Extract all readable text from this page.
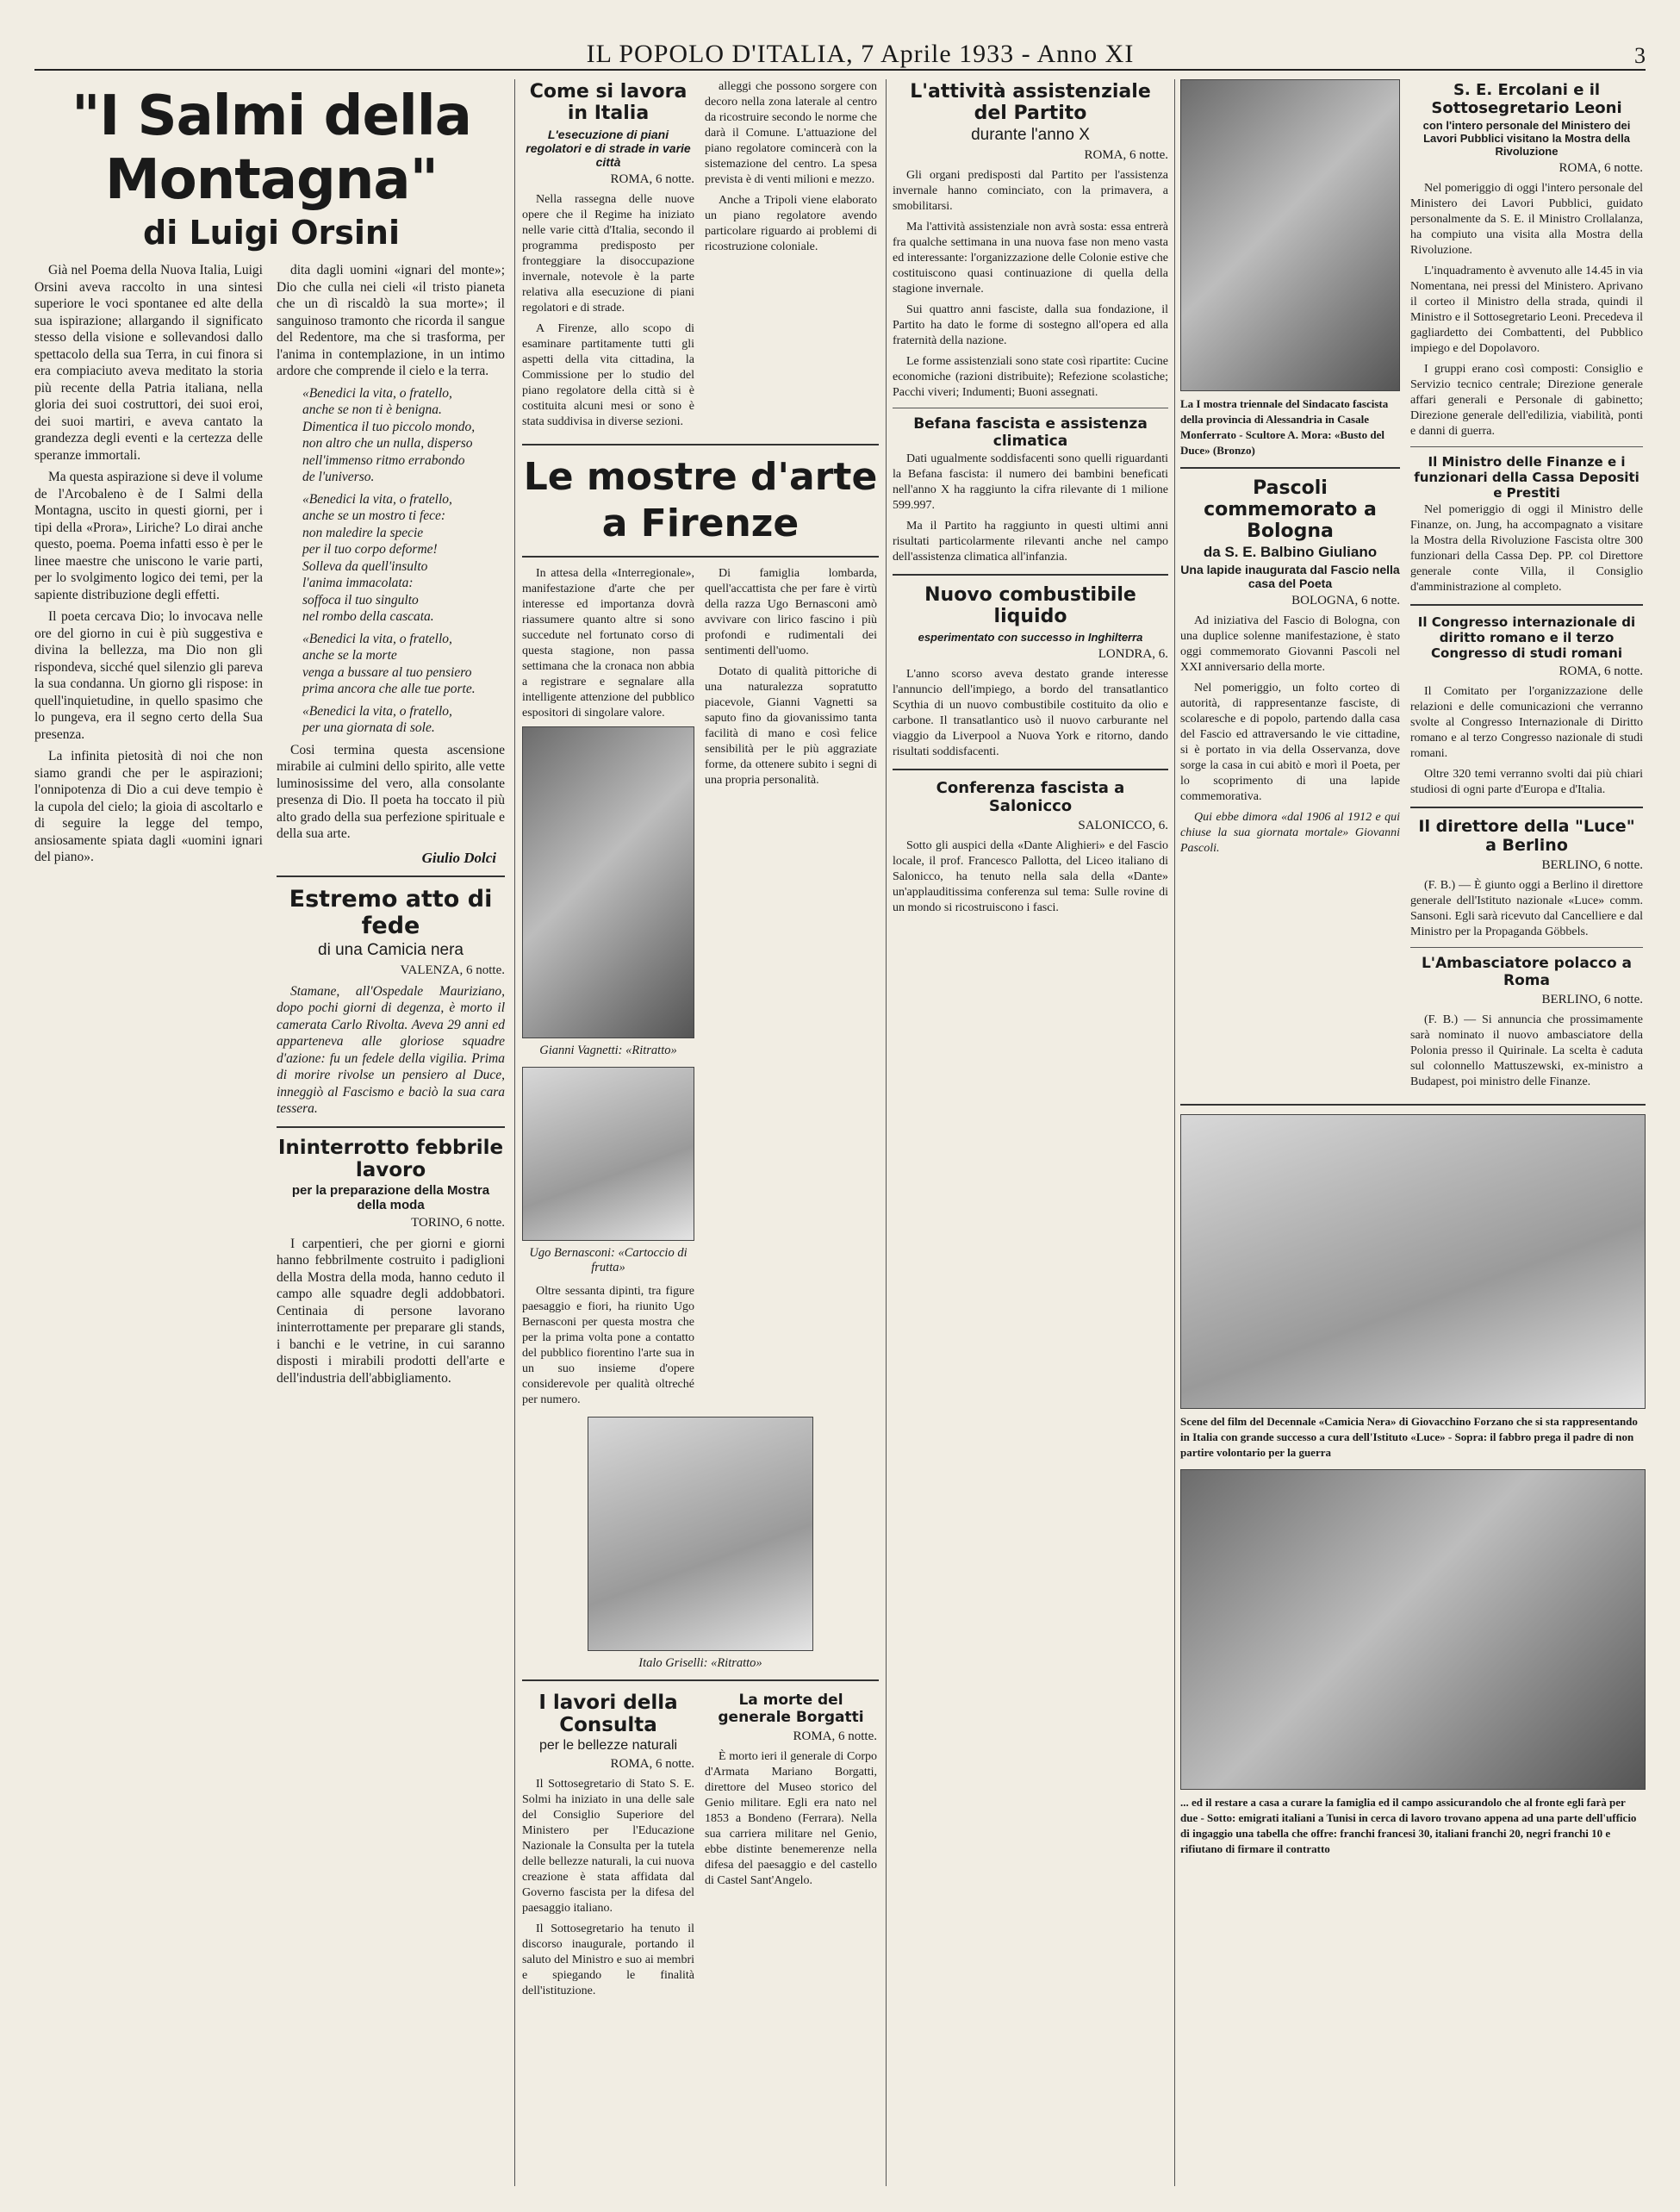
IL POPOLO D'ITALIA, 7 Aprile 1933 - Anno XI	3
"I Salmi della Montagna"
di Luigi Orsini

Già nel Poema della Nuova Italia, Luigi Orsini aveva raccolto in una sintesi superiore le voci spontanee ed alte della sua ispirazione; allargando il significato stesso della visione e sollevandosi dallo spettacolo della sua Terra, in cui finora si era compiaciuto aveva meditato la storia più recente della Patria italiana, nella gloria dei suoi costruttori, dei suoi eroi, dei suoi martiri, e aveva cantato la grandezza degli eventi e la certezza delle speranze immortali.

Ma questa aspirazione si deve il volume de l'Arcobaleno è de I Salmi della Montagna, uscito in questi giorni, per i tipi della «Prora», Liriche? Lo dirai anche questo, poema. Poema infatti esso è per le linee maestre che uniscono le varie parti, per lo svolgimento logico dei temi, per la sapiente distribuzione degli effetti.

Il poeta cercava Dio; lo invocava nelle ore del giorno in cui è più suggestiva e divina la bellezza, ma Dio non gli rispondeva, sicché quel silenzio gli pareva la sua condanna. Un giorno gli rispose: in quell'inquietudine, in quello spasimo che lo pungeva, era il segno certo della Sua presenza.

La infinita pietosità di noi che non siamo grandi che per le aspirazioni; l'onnipotenza di Dio a cui deve tempio è la cupola del cielo; la gioia di ascoltarlo e di seguire la legge del tempo, ansiosamente spiata dagli «uomini ignari del piano».

dita dagli uomini «ignari del monte»; Dio che culla nei cieli «il tristo pianeta che un dì riscaldò la sua morte»; il sanguinoso tramonto che ricorda il sangue del Redentore, ma che si trasforma, per l'anima in contemplazione, in un intimo ardore che comprende il cielo e la terra.

«Benedici la vita, o fratello,
anche se non ti è benigna.
Dimentica il tuo piccolo mondo,
non altro che un nulla, disperso
nell'immenso ritmo errabondo
de l'universo.
«Benedici la vita, o fratello,
anche se un mostro ti fece:
non maledire la specie
per il tuo corpo deforme!
Solleva da quell'insulto
l'anima immacolata:
soffoca il tuo singulto
nel rombo della cascata.
«Benedici la vita, o fratello,
anche se la morte
venga a bussare al tuo pensiero
prima ancora che alle tue porte.
«Benedici la vita, o fratello,
per una giornata di sole.

Cosi termina questa ascensione mirabile ai culmini dello spirito, alle vette luminosissime del vero, alla consolante presenza di Dio. Il poeta ha toccato il più alto grado della sua perfezione spirituale e della sua arte.

Giulio Dolci
Estremo atto di fede
di una Camicia nera
VALENZA, 6 notte.

Stamane, all'Ospedale Mauriziano, dopo pochi giorni di degenza, è morto il camerata Carlo Rivolta. Aveva 29 anni ed apparteneva alle gloriose squadre d'azione: fu un fedele della vigilia. Prima di morire rivolse un pensiero al Duce, inneggiò al Fascismo e baciò la sua cara tessera.

Ininterrotto febbrile lavoro
per la preparazione della Mostra della moda
TORINO, 6 notte.

I carpentieri, che per giorni e giorni hanno febbrilmente costruito i padiglioni della Mostra della moda, hanno ceduto il campo alle squadre degli addobbatori. Centinaia di persone lavorano ininterrottamente per preparare gli stands, i banchi e le vetrine, in cui saranno disposti i mirabili prodotti dell'arte e dell'industria dell'abbigliamento.

Come si lavora in Italia
L'esecuzione di piani regolatori e di strade in varie città
ROMA, 6 notte.

Nella rassegna delle nuove opere che il Regime ha iniziato nelle varie città d'Italia, secondo il programma predisposto per fronteggiare la disoccupazione invernale, notevole è la parte relativa alla esecuzione di piani regolatori e di strade.

A Firenze, allo scopo di esaminare partitamente tutti gli aspetti della vita cittadina, la Commissione per lo studio del piano regolatore della città si è costituita alcuni mesi or sono è stata suddivisa in diverse sezioni.

alleggi che possono sorgere con decoro nella zona laterale al centro da ricostruire secondo le norme che darà il Comune. L'attuazione del piano regolatore comincerà con la sistemazione del centro. La spesa prevista è di venti milioni e mezzo.

Anche a Tripoli viene elaborato un piano regolatore avendo particolare riguardo ai problemi di ricostruzione coloniale.

Le mostre d'arte a Firenze

In attesa della «Interregionale», manifestazione d'arte che per interesse ed importanza dovrà riassumere quanto altre si sono succedute nel fortunato corso di questa stagione, non passa settimana che la cronaca non abbia a registrare e segnalare alla intelligente attenzione del pubblico espositori di singolare valore.

Gianni Vagnetti: «Ritratto»
Ugo Bernasconi: «Cartoccio di frutta»

Oltre sessanta dipinti, tra figure paesaggio e fiori, ha riunito Ugo Bernasconi per questa mostra che per la prima volta pone a contatto del pubblico fiorentino l'arte sua in un suo insieme d'opere considerevole per qualità oltreché per numero.

Di famiglia lombarda, quell'accattista che per fare è virtù della razza Ugo Bernasconi amò avvivare con lirico fascino i più profondi e rudimentali dei sentimenti dell'uomo.

Dotato di qualità pittoriche di una naturalezza sopratutto piacevole, Gianni Vagnetti sa saputo fino da giovanissimo tanta facilità di mano e così felice sensibilità per le più aggraziate forme, da ottenere subito i segni di una propria personalità.

Italo Griselli: «Ritratto»
I lavori della Consulta
per le bellezze naturali
ROMA, 6 notte.

Il Sottosegretario di Stato S. E. Solmi ha iniziato in una delle sale del Consiglio Superiore del Ministero per l'Educazione Nazionale la Consulta per la tutela delle bellezze naturali, la cui nuova creazione è stata affidata dal Governo fascista per la difesa del paesaggio italiano.

Il Sottosegretario ha tenuto il discorso inaugurale, portando il saluto del Ministro e suo ai membri e spiegando le finalità dell'istituzione.

La morte del generale Borgatti
ROMA, 6 notte.

È morto ieri il generale di Corpo d'Armata Mariano Borgatti, direttore del Museo storico del Genio militare. Egli era nato nel 1853 a Bondeno (Ferrara). Nella sua carriera militare nel Genio, ebbe distinte benemerenze nella difesa del paesaggio e del castello di Castel Sant'Angelo.

L'attività assistenziale del Partito
durante l'anno X
ROMA, 6 notte.

Gli organi predisposti dal Partito per l'assistenza invernale hanno cominciato, con la primavera, a smobilitarsi.

Ma l'attività assistenziale non avrà sosta: essa entrerà fra qualche settimana in una nuova fase non meno vasta ed interessante: l'organizzazione delle Colonie estive che costituiscono quasi continuazione di quella della stagione invernale.

Sui quattro anni fasciste, dalla sua fondazione, il Partito ha dato le forme di sostegno all'opera ed alla fraternità della nazione.

Le forme assistenziali sono state così ripartite: Cucine economiche (razioni distribuite); Refezione scolastiche; Pacchi viveri; Indumenti; Buoni assegnati.

Befana fascista e assistenza climatica

Dati ugualmente soddisfacenti sono quelli riguardanti la Befana fascista: il numero dei bambini beneficati nell'anno X ha raggiunto la cifra rilevante di 1 milione 599.997.

Ma il Partito ha raggiunto in questi ultimi anni risultati particolarmente rilevanti anche nel campo dell'assistenza climatica all'infanzia.

Nuovo combustibile liquido
esperimentato con successo in Inghilterra
LONDRA, 6.

L'anno scorso aveva destato grande interesse l'annuncio dell'impiego, a bordo del transatlantico Scythia di un nuovo combustibile costituito da olio e carbone. Il transatlantico usò il nuovo carburante nel viaggio da Liverpool a Nuova York e ritorno, dando risultati soddisfacenti.

Conferenza fascista a Salonicco
SALONICCO, 6.

Sotto gli auspici della «Dante Alighieri» e del Fascio locale, il prof. Francesco Pallotta, del Liceo italiano di Salonicco, ha tenuto nella sala della «Dante» un'applauditissima conferenza sul tema: Sulle rovine di un mondo si ricostruiscono i fasci.

La I mostra triennale del Sindacato fascista della provincia di Alessandria in Casale Monferrato - Scultore A. Mora: «Busto del Duce» (Bronzo)
Pascoli commemorato a Bologna
da S. E. Balbino Giuliano
Una lapide inaugurata dal Fascio nella casa del Poeta
BOLOGNA, 6 notte.

Ad iniziativa del Fascio di Bologna, con una duplice solenne manifestazione, è stato oggi commemorato Giovanni Pascoli nel XXI anniversario della morte.

Nel pomeriggio, un folto corteo di autorità, di rappresentanze fasciste, di scolaresche e di popolo, partendo dalla casa del Fascio ed attraversando le vie cittadine, si è portato in via della Osservanza, dove sorge la casa in cui abitò e morì il Poeta, per lo scoprimento di una lapide commemorativa.

Qui ebbe dimora «dal 1906 al 1912 e qui chiuse la sua giornata mortale» Giovanni Pascoli.

S. E. Ercolani e il Sottosegretario Leoni
con l'intero personale del Ministero dei Lavori Pubblici visitano la Mostra della Rivoluzione
ROMA, 6 notte.

Nel pomeriggio di oggi l'intero personale del Ministero dei Lavori Pubblici, guidato personalmente da S. E. il Ministro Crollalanza, ha compiuto una visita alla Mostra della Rivoluzione.

L'inquadramento è avvenuto alle 14.45 in via Nomentana, nei pressi del Ministero. Aprivano il corteo il Ministro della strada, quindi il Ministro e il Sottosegretario Leoni. Precedeva il gagliardetto dei Combattenti, del Pubblico impiego e del Dopolavoro.

I gruppi erano così composti: Consiglio e Servizio tecnico centrale; Direzione generale affari generali e Personale di gabinetto; Direzione generale dell'edilizia, viabilità, ponti e danni di guerra.

Il Ministro delle Finanze e i funzionari della Cassa Depositi e Prestiti

Nel pomeriggio di oggi il Ministro delle Finanze, on. Jung, ha accompagnato a visitare la Mostra della Rivoluzione Fascista oltre 300 funzionari della Cassa Dep. PP. col Direttore generale conte Villa, il Consiglio d'amministrazione al completo.

Il Congresso internazionale di diritto romano e il terzo Congresso di studi romani
ROMA, 6 notte.

Il Comitato per l'organizzazione delle relazioni e delle comunicazioni che verranno svolte al Congresso Internazionale di Diritto romano e al terzo Congresso nazionale di studi romani.

Oltre 320 temi verranno svolti dai più chiari studiosi di ogni parte d'Europa e d'Italia.

Il direttore della "Luce" a Berlino
BERLINO, 6 notte.

(F. B.) — È giunto oggi a Berlino il direttore generale dell'Istituto nazionale «Luce» comm. Sansoni. Egli sarà ricevuto dal Cancelliere e dal Ministro per la Propaganda Göbbels.

L'Ambasciatore polacco a Roma
BERLINO, 6 notte.

(F. B.) — Si annuncia che prossimamente sarà nominato il nuovo ambasciatore della Polonia presso il Quirinale. La scelta è caduta sul colonnello Mattuszewski, ex-ministro a Budapest, poi ministro delle Finanze.

Scene del film del Decennale «Camicia Nera» di Giovacchino Forzano che si sta rappresentando in Italia con grande successo a cura dell'Istituto «Luce» - Sopra: il fabbro prega il padre di non partire volontario per la guerra
... ed il restare a casa a curare la famiglia ed il campo assicurandolo che al fronte egli farà per due - Sotto: emigrati italiani a Tunisi in cerca di lavoro trovano appena ad una parte dell'ufficio di ingaggio una tabella che offre: franchi francesi 30, italiani franchi 20, negri franchi 10 e rifiutano di firmare il contratto
